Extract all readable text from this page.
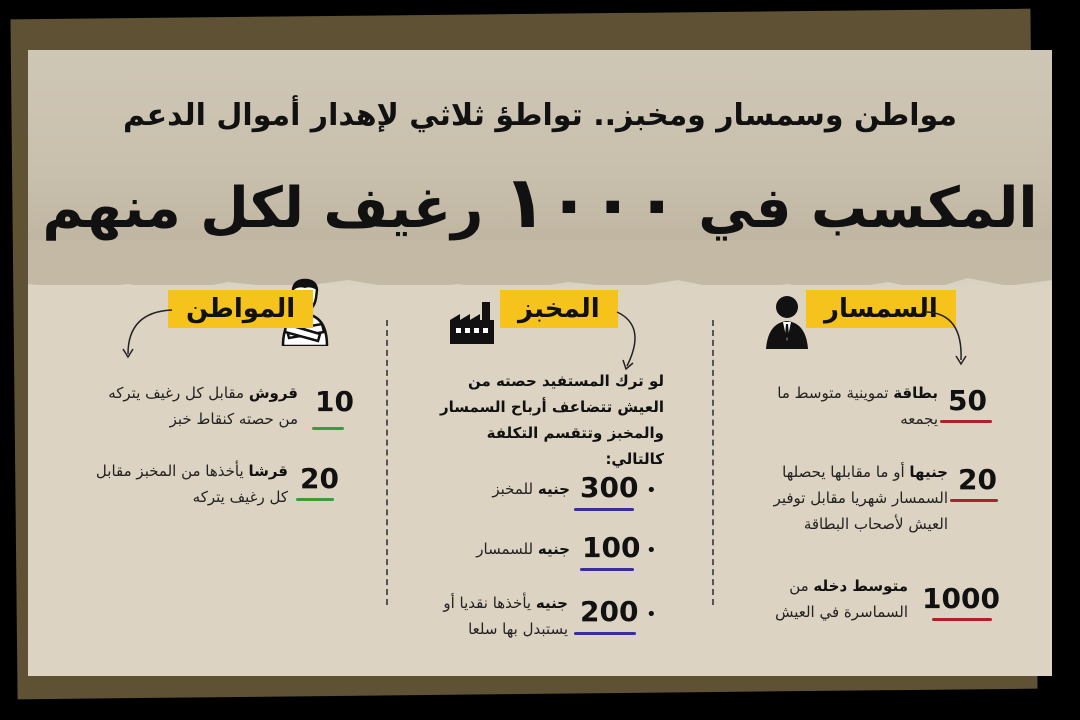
مواطن وسمسار ومخبز.. تواطؤ ثلاثي لإهدار أموال الدعم
المكسب في ١٠٠٠ رغيف لكل منهم
السمسار
50
بطاقة تموينية متوسط ما يجمعه
20
جنيها أو ما مقابلها يحصلها السمسار شهريا مقابل توفير العيش لأصحاب البطاقة
1000
متوسط دخله من السماسرة في العيش
المخبز
لو ترك المستفيد حصته من العيش تتضاعف أرباح السمسار والمخبز وتتقسم التكلفة كالتالي:
•
300
جنيه للمخبز
•
100
جنيه للسمسار
•
200
جنيه يأخذها نقديا أو يستبدل بها سلعا
المواطن
10
قروش مقابل كل رغيف يتركه من حصته كنقاط خبز
20
قرشا يأخذها من المخبز مقابل كل رغيف يتركه
